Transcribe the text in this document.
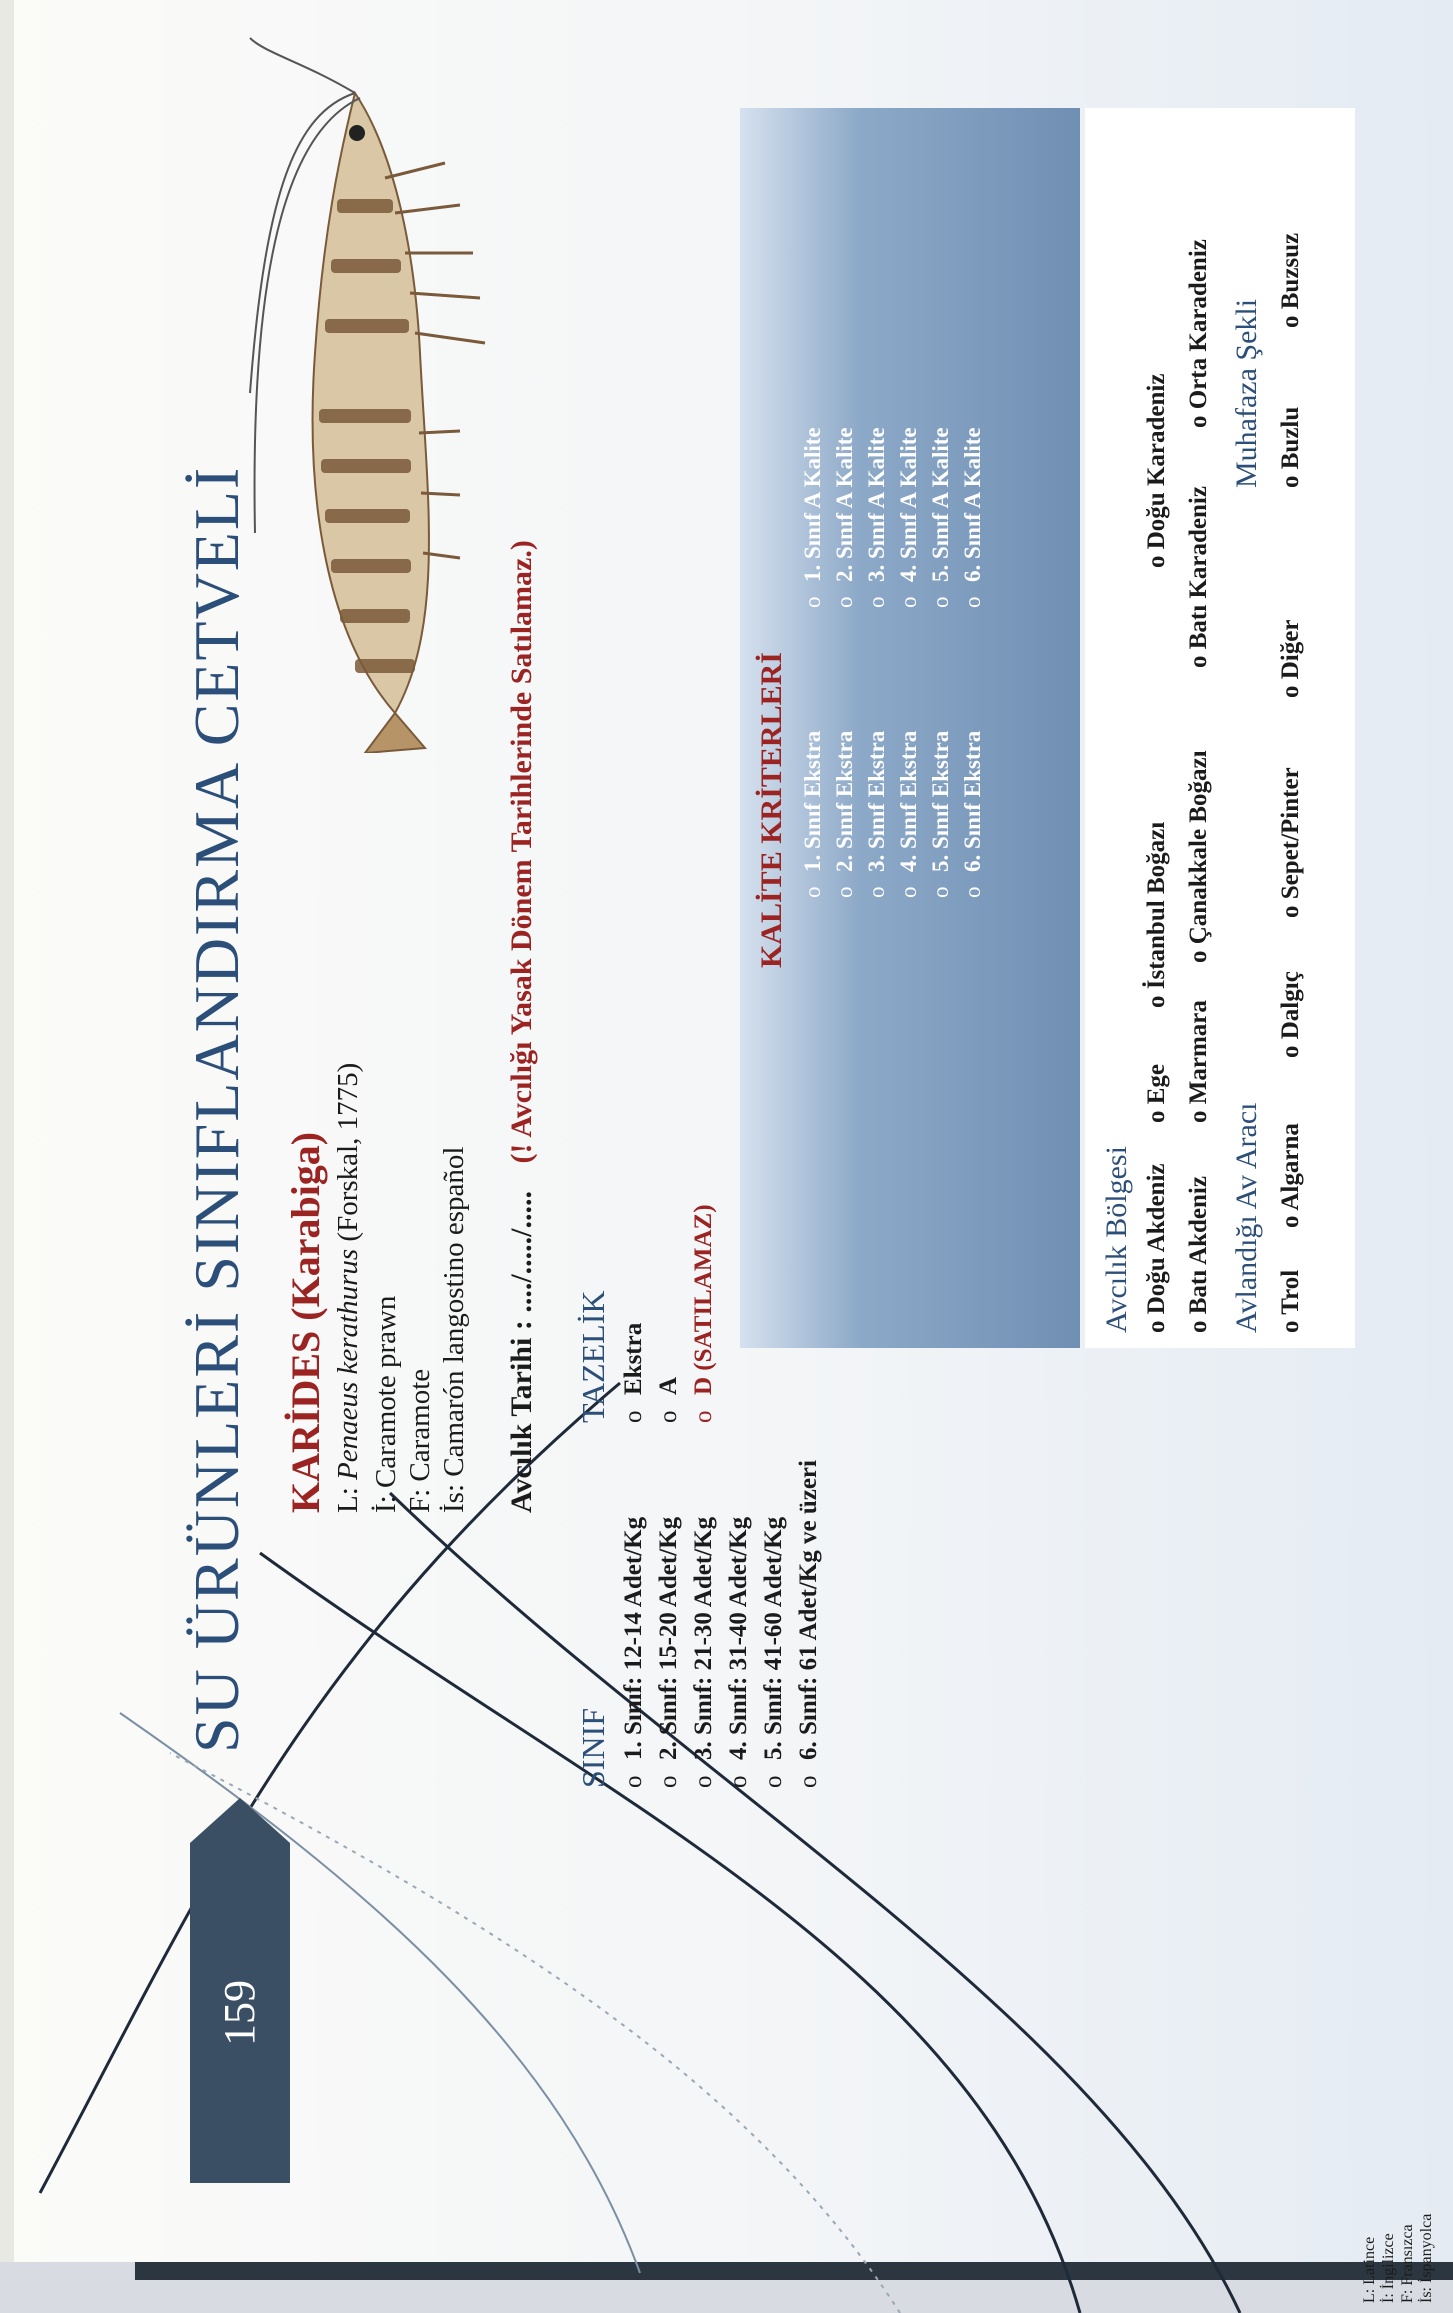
159
SU ÜRÜNLERİ SINIFLANDIRMA CETVELİ KARİDES (Karabiga) L: Penaeus kerathurus (Forskal, 1775)
İ: Caramote prawn F: Caramote İs: Camarón langostino español Avcılık Tarihi : ..../...../..... (! Avcılığı Yasak Dönem Tarihlerinde Satılamaz.)
TAZELİK oEkstra
oA
oD (SATILAMAZ)
SINIF o1. Sınıf: 12-14 Adet/Kg
o2. Sınıf: 15-20 Adet/Kg
o3. Sınıf: 21-30 Adet/Kg
o4. Sınıf: 31-40 Adet/Kg
o5. Sınıf: 41-60 Adet/Kg
o6. Sınıf: 61 Adet/Kg ve üzeri
KALİTE KRİTERLERİ o1. Sınıf Ekstra
o2. Sınıf Ekstra
o3. Sınıf Ekstra
o4. Sınıf Ekstra
o5. Sınıf Ekstra
o6. Sınıf Ekstra
o1. Sınıf A Kalite
o2. Sınıf A Kalite
o3. Sınıf A Kalite
o4. Sınıf A Kalite
o5. Sınıf A Kalite
o6. Sınıf A Kalite
Avcılık Bölgesi o Doğu Akdeniz
o Ege
o İstanbul Boğazı
o Doğu Karadeniz
o Batı Akdeniz
o Marmara
o Çanakkale Boğazı
o Batı Karadeniz
o Orta Karadeniz
Avlandığı Av Aracı
Muhafaza Şekli
o Trol
o Algarna
o Dalgıç
o Sepet/Pinter
o Diğer
o Buzlu
o Buzsuz
L: Latince İ: İngilizce F: Fransızca İs: İspanyolca
